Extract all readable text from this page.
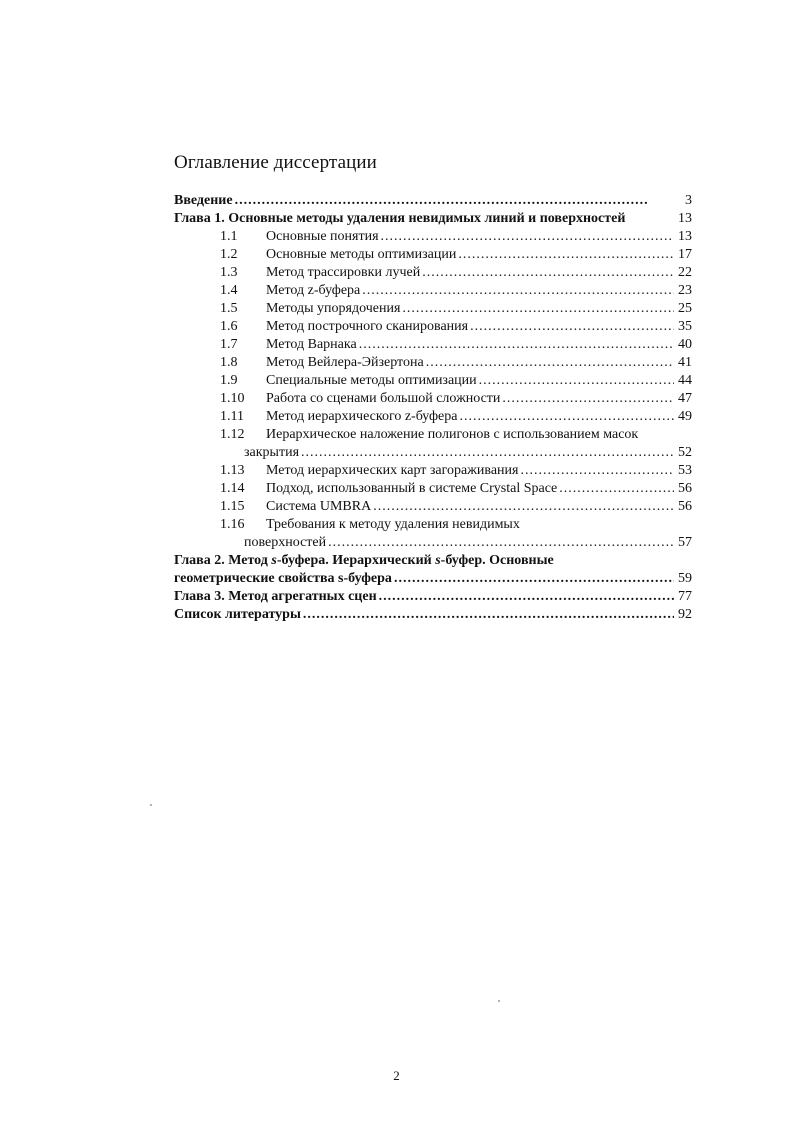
Оглавление диссертации
Введение .....	3
Глава 1. Основные методы удаления невидимых линий и поверхностей	13
1.1 Основные понятия .....	13
1.2 Основные методы оптимизации .....	17
1.3 Метод трассировки лучей .....	22
1.4 Метод z-буфера .....	23
1.5 Методы упорядочения .....	25
1.6 Метод построчного сканирования .....	35
1.7 Метод Варнака .....	40
1.8 Метод Вейлера-Эйзертона .....	41
1.9 Специальные методы оптимизации .....	44
1.10 Работа со сценами большой сложности .....	47
1.11 Метод иерархического z-буфера .....	49
1.12 Иерархическое наложение полигонов с использованием масок
закрытия .....	52
1.13 Метод иерархических карт загораживания .....	53
1.14 Подход, использованный в системе Crystal Space .....	56
1.15 Система UMBRA .....	56
1.16 Требования к методу удаления невидимых
поверхностей .....	57
Глава 2. Метод s-буфера. Иерархический s-буфер. Основные
геометрические свойства s-буфера .....	59
Глава 3. Метод агрегатных сцен .....	77
Список литературы .....	92
2
